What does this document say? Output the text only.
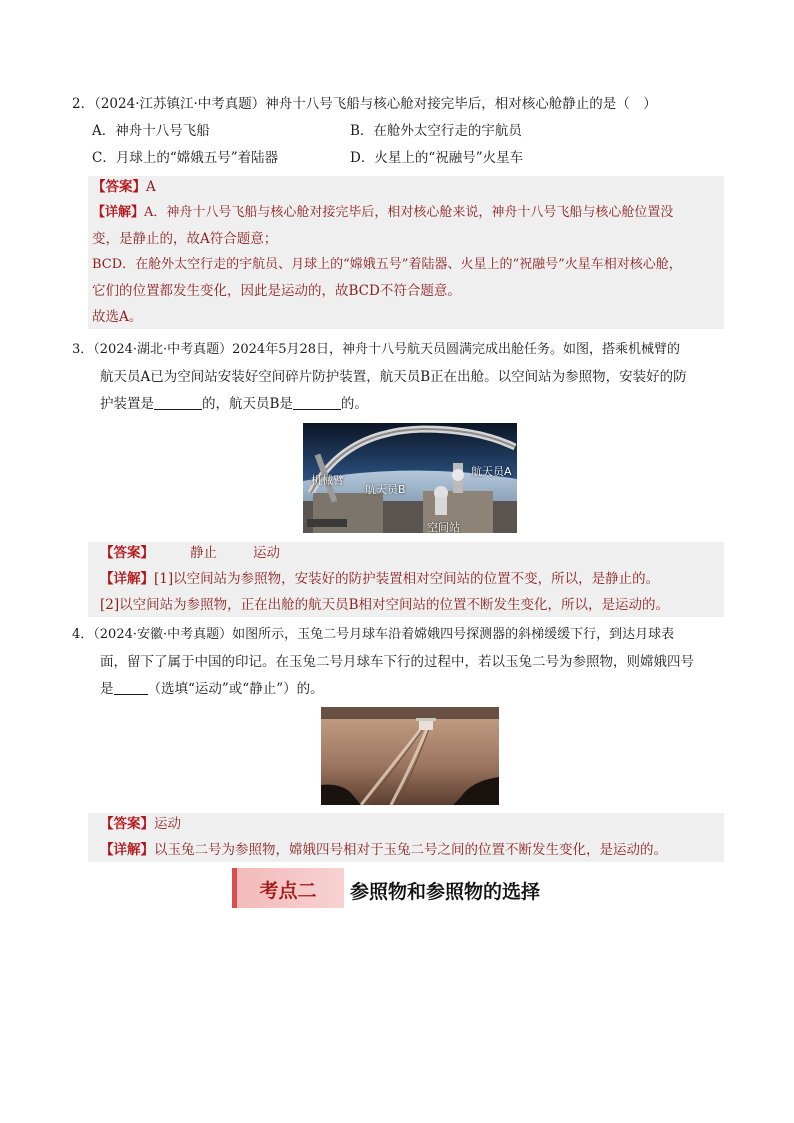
2．（2024·江苏镇江·中考真题）神舟十八号飞船与核心舱对接完毕后，相对核心舱静止的是（　）
A．神舟十八号飞船	B．在舱外太空行走的宇航员
C．月球上的“嫦娥五号”着陆器	D．火星上的“祝融号”火星车
【答案】A
【详解】A．神舟十八号飞船与核心舱对接完毕后，相对核心舱来说，神舟十八号飞船与核心舱位置没
变，是静止的，故A符合题意；
BCD．在舱外太空行走的宇航员、月球上的“嫦娥五号”着陆器、火星上的“祝融号”火星车相对核心舱，
它们的位置都发生变化，因此是运动的，故BCD不符合题意。
故选A。
3．（2024·湖北·中考真题）2024年5月28日，神舟十八号航天员圆满完成出舱任务。如图，搭乘机械臂的
航天员A已为空间站安装好空间碎片防护装置，航天员B正在出舱。以空间站为参照物，安装好的防
护装置是	的，航天员B是	的。
机械臂
航天员A
航天员B
空间站
【答案】	静止	运动
【详解】[1]以空间站为参照物，安装好的防护装置相对空间站的位置不变，所以，是静止的。
[2]以空间站为参照物，正在出舱的航天员B相对空间站的位置不断发生变化，所以，是运动的。
4．（2024·安徽·中考真题）如图所示，玉兔二号月球车沿着嫦娥四号探测器的斜梯缓缓下行，到达月球表
面，留下了属于中国的印记。在玉兔二号月球车下行的过程中，若以玉兔二号为参照物，则嫦娥四号
是	（选填“运动”或“静止”）的。
【答案】运动
【详解】以玉兔二号为参照物，嫦娥四号相对于玉兔二号之间的位置不断发生变化，是运动的。
考点二	参照物和参照物的选择
